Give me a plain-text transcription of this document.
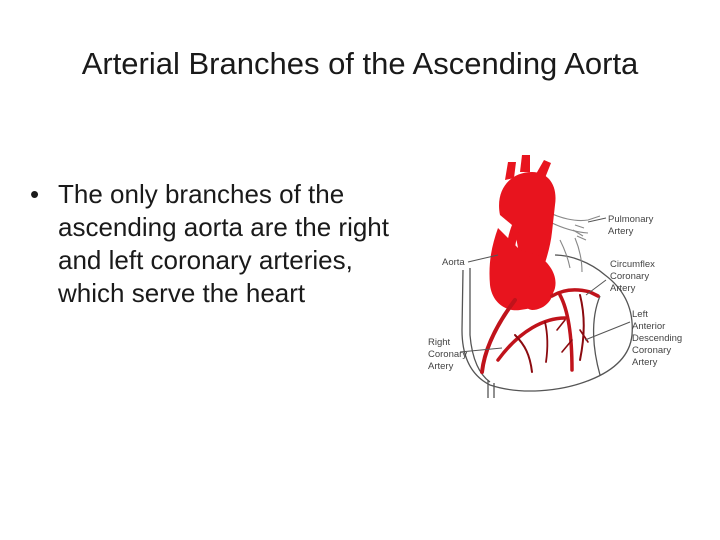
Arterial Branches of the Ascending Aorta
• The only branches of the ascending aorta are the right and left coronary arteries, which serve the heart
Pulmonary Artery
Aorta	Circumflex Coronary Artery
Left Anterior Descending Coronary Artery
Right Coronary Artery
